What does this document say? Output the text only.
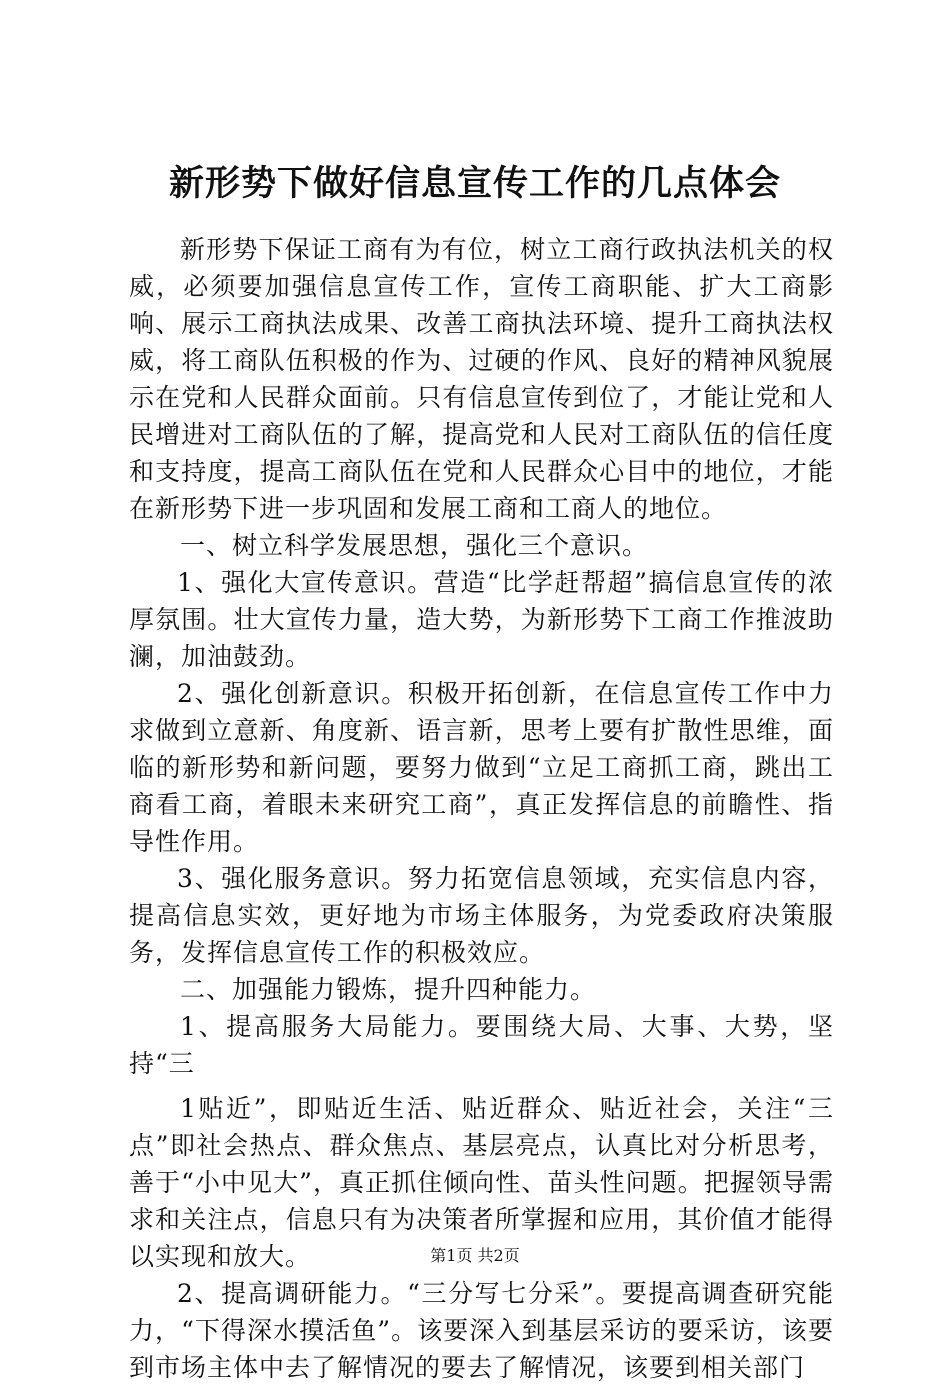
新形势下做好信息宣传工作的几点体会

新形势下保证工商有为有位，树立工商行政执法机关的权威，必须要加强信息宣传工作，宣传工商职能、扩大工商影响、展示工商执法成果、改善工商执法环境、提升工商执法权威，将工商队伍积极的作为、过硬的作风、良好的精神风貌展示在党和人民群众面前。只有信息宣传到位了，才能让党和人民增进对工商队伍的了解，提高党和人民对工商队伍的信任度和支持度，提高工商队伍在党和人民群众心目中的地位，才能在新形势下进一步巩固和发展工商和工商人的地位。

一、树立科学发展思想，强化三个意识。

1、强化大宣传意识。营造“比学赶帮超”搞信息宣传的浓厚氛围。壮大宣传力量，造大势，为新形势下工商工作推波助澜，加油鼓劲。

2、强化创新意识。积极开拓创新，在信息宣传工作中力求做到立意新、角度新、语言新，思考上要有扩散性思维，面临的新形势和新问题，要努力做到“立足工商抓工商，跳出工商看工商，着眼未来研究工商”，真正发挥信息的前瞻性、指导性作用。

3、强化服务意识。努力拓宽信息领域，充实信息内容，提高信息实效，更好地为市场主体服务，为党委政府决策服务，发挥信息宣传工作的积极效应。

二、加强能力锻炼，提升四种能力。

1、提高服务大局能力。要围绕大局、大事、大势，坚持“三

1贴近”，即贴近生活、贴近群众、贴近社会，关注“三点”即社会热点、群众焦点、基层亮点，认真比对分析思考，善于“小中见大”，真正抓住倾向性、苗头性问题。把握领导需求和关注点，信息只有为决策者所掌握和应用，其价值才能得以实现和放大。

2、提高调研能力。“三分写七分采”。要提高调查研究能力，“下得深水摸活鱼”。该要深入到基层采访的要采访，该要到市场主体中去了解情况的要去了解情况，该要到相关部门

第1页 共2页
